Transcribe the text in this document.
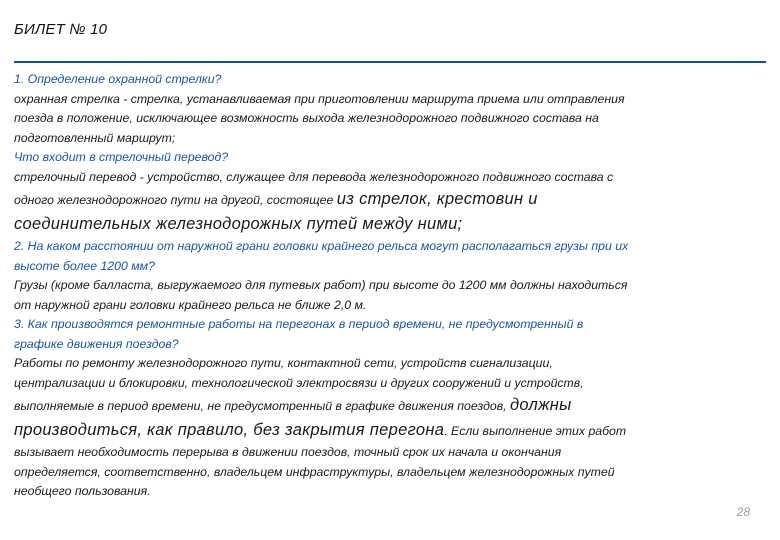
БИЛЕТ № 10
1. Определение охранной стрелки?
охранная стрелка - стрелка, устанавливаемая при приготовлении маршрута приема или отправления
поезда в положение, исключающее возможность выхода железнодорожного подвижного состава на
подготовленный маршрут;
Что входит в стрелочный перевод?
стрелочный перевод - устройство, служащее для перевода железнодорожного подвижного состава с
одного железнодорожного пути на другой, состоящее из стрелок, крестовин и
соединительных железнодорожных путей между ними;
2. На каком расстоянии от наружной грани головки крайнего рельса могут располагаться грузы при их
высоте более 1200 мм?
Грузы (кроме балласта, выгружаемого для путевых работ) при высоте до 1200 мм должны находиться
от наружной грани головки крайнего рельса не ближе 2,0 м.
3. Как производятся ремонтные работы на перегонах в период времени, не предусмотренный в
графике движения поездов?
Работы по ремонту железнодорожного пути, контактной сети, устройств сигнализации,
централизации и блокировки, технологической электросвязи и других сооружений и устройств,
выполняемые в период времени, не предусмотренный в графике движения поездов, должны
производиться, как правило, без закрытия перегона. Если выполнение этих работ
вызывает необходимость перерыва в движении поездов, точный срок их начала и окончания
определяется, соответственно, владельцем инфраструктуры, владельцем железнодорожных путей
необщего пользования.
28
